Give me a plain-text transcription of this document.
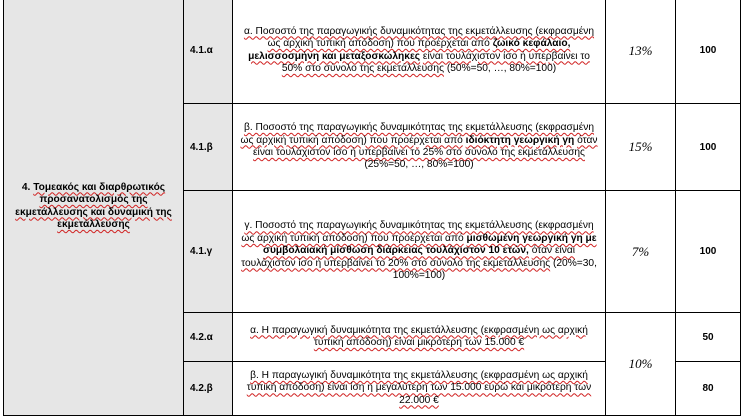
4. Τομεακός και διαρθρωτικός προσανατολισμός της εκμετάλλευσης και δυναμική της εκμετάλλευσης	4.1.α	α. Ποσοστό της παραγωγικής δυναμικότητας της εκμετάλλευσης (εκφρασμένη ως αρχική τυπική απόδοση) που προέρχεται από ζωικό κεφάλαιο, μελισσοσμήνη και μεταξοσκώληκες είναι τουλάχιστον ίσο ή υπερβαίνει το 50% στο σύνολο της εκμετάλλευσης (50%=50, …, 80%=100)	13%	100
	4.1.β	β. Ποσοστό της παραγωγικής δυναμικότητας της εκμετάλλευσης (εκφρασμένη ως αρχική τυπική απόδοση) που προέρχεται από ιδιόκτητη γεωργική γη όταν είναι τουλάχιστον ίσο ή υπερβαίνει το 25% στο σύνολο της εκμετάλλευσης (25%=50, …, 80%=100)	15%	100
	4.1.γ	γ. Ποσοστό της παραγωγικής δυναμικότητας της εκμετάλλευσης (εκφρασμένη ως αρχική τυπική απόδοση) που προέρχεται από μισθωμένη γεωργική γη με συμβολαιακή μίσθωση διάρκειας τουλάχιστον 10 ετών, όταν είναι τουλάχιστον ίσο ή υπερβαίνει το 20% στο σύνολο της εκμετάλλευσης (20%=30, 100%=100)	7%	100
	4.2.α	α. Η παραγωγική δυναμικότητα της εκμετάλλευσης (εκφρασμένη ως αρχική τυπική απόδοση) είναι μικρότερη των 15.000 €	10%	50
	4.2.β	β. Η παραγωγική δυναμικότητα της εκμετάλλευσης (εκφρασμένη ως αρχική τυπική απόδοση) είναι ίση η μεγαλύτερη των 15.000 ευρώ και μικρότερη των 22.000 €		80
